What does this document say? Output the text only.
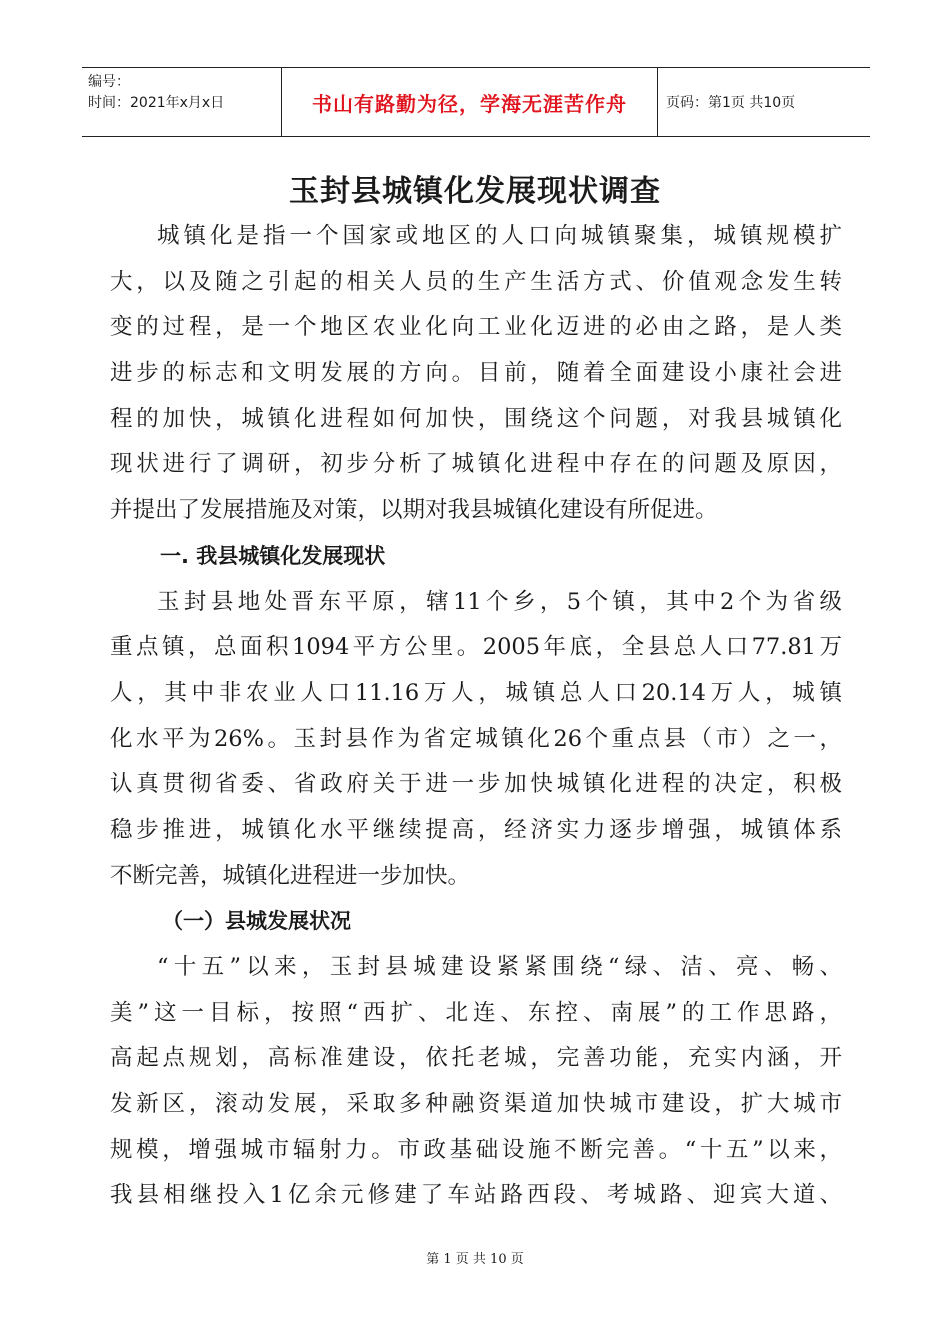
编号：
时间：2021年x月x日	书山有路勤为径，学海无涯苦作舟	页码：第1页 共10页
玉封县城镇化发展现状调查
城镇化是指一个国家或地区的人口向城镇聚集，城镇规模扩
大，以及随之引起的相关人员的生产生活方式、价值观念发生转
变的过程，是一个地区农业化向工业化迈进的必由之路，是人类
进步的标志和文明发展的方向。目前，随着全面建设小康社会进
程的加快，城镇化进程如何加快，围绕这个问题，对我县城镇化
现状进行了调研，初步分析了城镇化进程中存在的问题及原因，
并提出了发展措施及对策，以期对我县城镇化建设有所促进。
一. 我县城镇化发展现状
玉封县地处晋东平原，辖11个乡，5个镇，其中2个为省级
重点镇，总面积1094平方公里。2005年底，全县总人口77.81万
人，其中非农业人口11.16万人，城镇总人口20.14万人，城镇
化水平为26%。玉封县作为省定城镇化26个重点县（市）之一，
认真贯彻省委、省政府关于进一步加快城镇化进程的决定，积极
稳步推进，城镇化水平继续提高，经济实力逐步增强，城镇体系
不断完善，城镇化进程进一步加快。
（一）县城发展状况
“十五”以来，玉封县城建设紧紧围绕“绿、洁、亮、畅、
美”这一目标，按照“西扩、北连、东控、南展”的工作思路，
高起点规划，高标准建设，依托老城，完善功能，充实内涵，开
发新区，滚动发展，采取多种融资渠道加快城市建设，扩大城市
规模，增强城市辐射力。市政基础设施不断完善。“十五”以来，
我县相继投入1亿余元修建了车站路西段、考城路、迎宾大道、
第 1 页 共 10 页
